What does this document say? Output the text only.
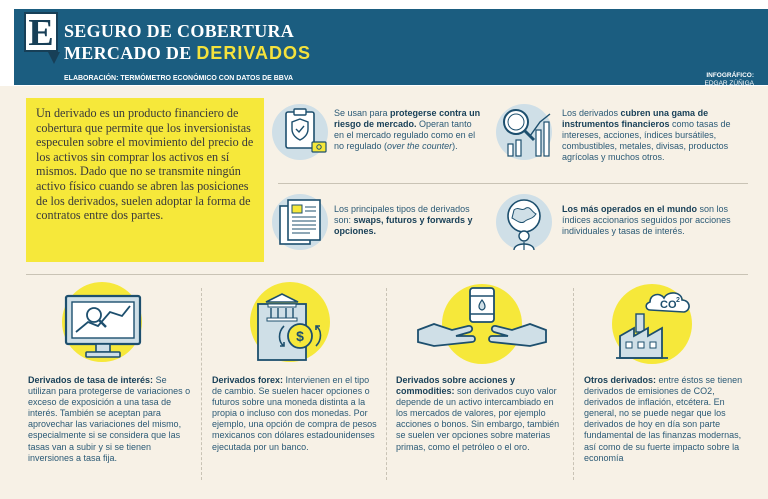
E SEGURO DE COBERTURA
MERCADO DE DERIVADOS
ELABORACIÓN: TERMÓMETRO ECONÓMICO CON DATOS DE BBVA	INFOGRÁFICO:
EDGAR ZÚÑIGA
Un derivado es un producto financiero de cobertura que permite que los inversionistas especulen sobre el movimiento del precio de los activos sin comprar los activos en sí mismos. Dado que no se transmite ningún activo físico cuando se abren las posiciones de los derivados, suelen adoptar la forma de contratos entre dos partes.
Se usan para protegerse contra un riesgo de mercado. Operan tanto en el mercado regulado como en el no regulado (over the counter).
Los derivados cubren una gama de instrumentos financieros como tasas de intereses, acciones, índices bursátiles, combustibles, metales, divisas, productos agrícolas y muchos otros.
Los principales tipos de derivados son: swaps, futuros y forwards y opciones.
Los más operados en el mundo son los índices accionarios seguidos por acciones individuales y tasas de interés.
Derivados de tasa de interés: Se utilizan para protegerse de variaciones o exceso de exposición a una tasa de interés. También se aceptan para aprovechar las variaciones del mismo, especialmente si se considera que las tasas van a subir y si se tienen inversiones a tasa fija.
$
Derivados forex: Intervienen en el tipo de cambio. Se suelen hacer opciones o futuros sobre una moneda distinta a la propia o incluso con dos monedas. Por ejemplo, una opción de compra de pesos mexicanos con dólares estadounidenses ejecutada por un banco.
Derivados sobre acciones y commodities: son derivados cuyo valor depende de un activo intercambiado en los mercados de valores, por ejemplo acciones o bonos. Sin embargo, también se suelen ver opciones sobre materias primas, como el petróleo o el oro.
CO 2
Otros derivados: entre éstos se tienen derivados de emisiones de CO2, derivados de inflación, etcétera. En general, no se puede negar que los derivados de hoy en día son parte fundamental de las finanzas modernas, así como de su fuerte impacto sobre la economía
